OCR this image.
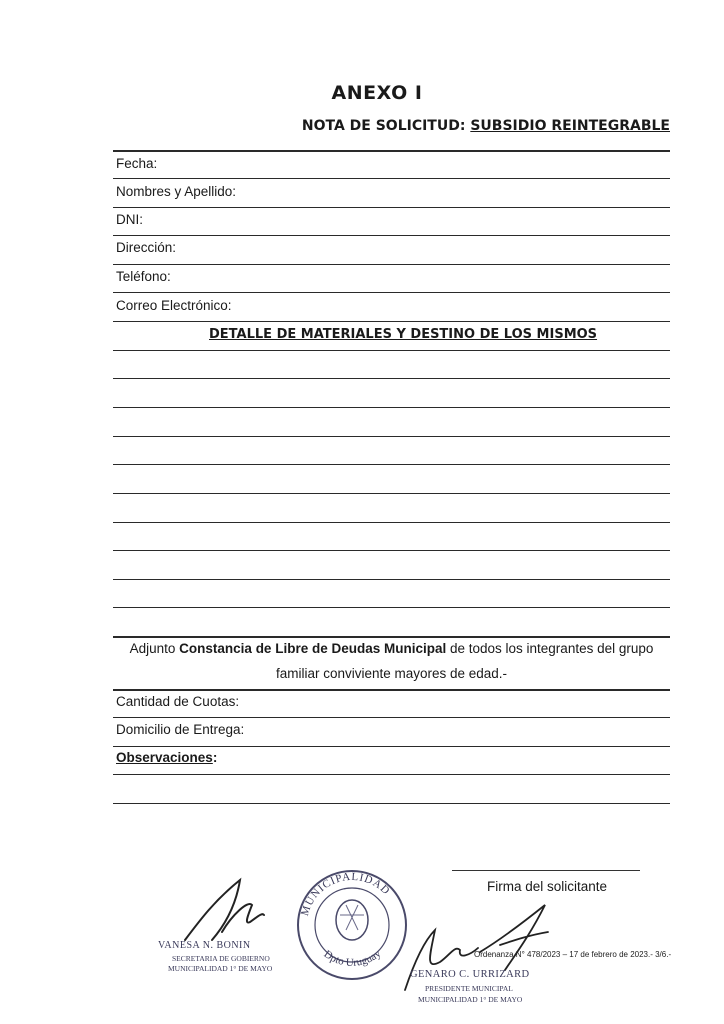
ANEXO I
NOTA DE SOLICITUD: SUBSIDIO REINTEGRABLE
Fecha:
Nombres y Apellido:
DNI:
Dirección:
Teléfono:
Correo Electrónico:
DETALLE DE MATERIALES Y DESTINO DE LOS MISMOS
Adjunto Constancia de Libre de Deudas Municipal de todos los integrantes del grupo
familiar conviviente mayores de edad.-
Cantidad de Cuotas:
Domicilio de Entrega:
Observaciones:
Firma del solicitante
VANESA N. BONIN
SECRETARIA DE GOBIERNO
MUNICIPALIDAD 1° DE MAYO
MUNICIPALIDAD
Dpto Uruguay
GENARO C. URRIZARD
PRESIDENTE MUNICIPAL
MUNICIPALIDAD 1° DE MAYO
Ordenanza N° 478/2023 – 17 de febrero de 2023.- 3/6.-
